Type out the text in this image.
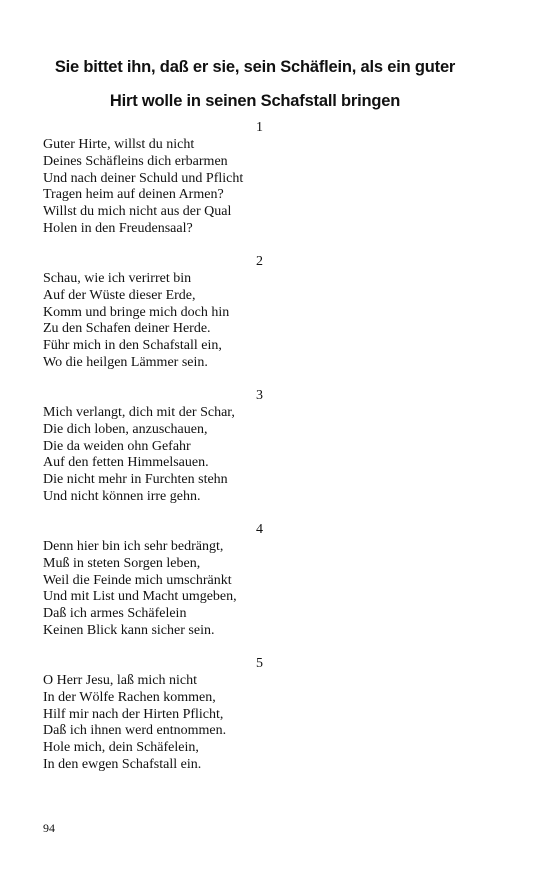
Sie bittet ihn, daß er sie, sein Schäflein, als ein guter
Hirt wolle in seinen Schafstall bringen
1
Guter Hirte, willst du nicht
Deines Schäfleins dich erbarmen
Und nach deiner Schuld und Pflicht
Tragen heim auf deinen Armen?
Willst du mich nicht aus der Qual
Holen in den Freudensaal?
2
Schau, wie ich verirret bin
Auf der Wüste dieser Erde,
Komm und bringe mich doch hin
Zu den Schafen deiner Herde.
Führ mich in den Schafstall ein,
Wo die heilgen Lämmer sein.
3
Mich verlangt, dich mit der Schar,
Die dich loben, anzuschauen,
Die da weiden ohn Gefahr
Auf den fetten Himmelsauen.
Die nicht mehr in Furchten stehn
Und nicht können irre gehn.
4
Denn hier bin ich sehr bedrängt,
Muß in steten Sorgen leben,
Weil die Feinde mich umschränkt
Und mit List und Macht umgeben,
Daß ich armes Schäfelein
Keinen Blick kann sicher sein.
5
O Herr Jesu, laß mich nicht
In der Wölfe Rachen kommen,
Hilf mir nach der Hirten Pflicht,
Daß ich ihnen werd entnommen.
Hole mich, dein Schäfelein,
In den ewgen Schafstall ein.
94
